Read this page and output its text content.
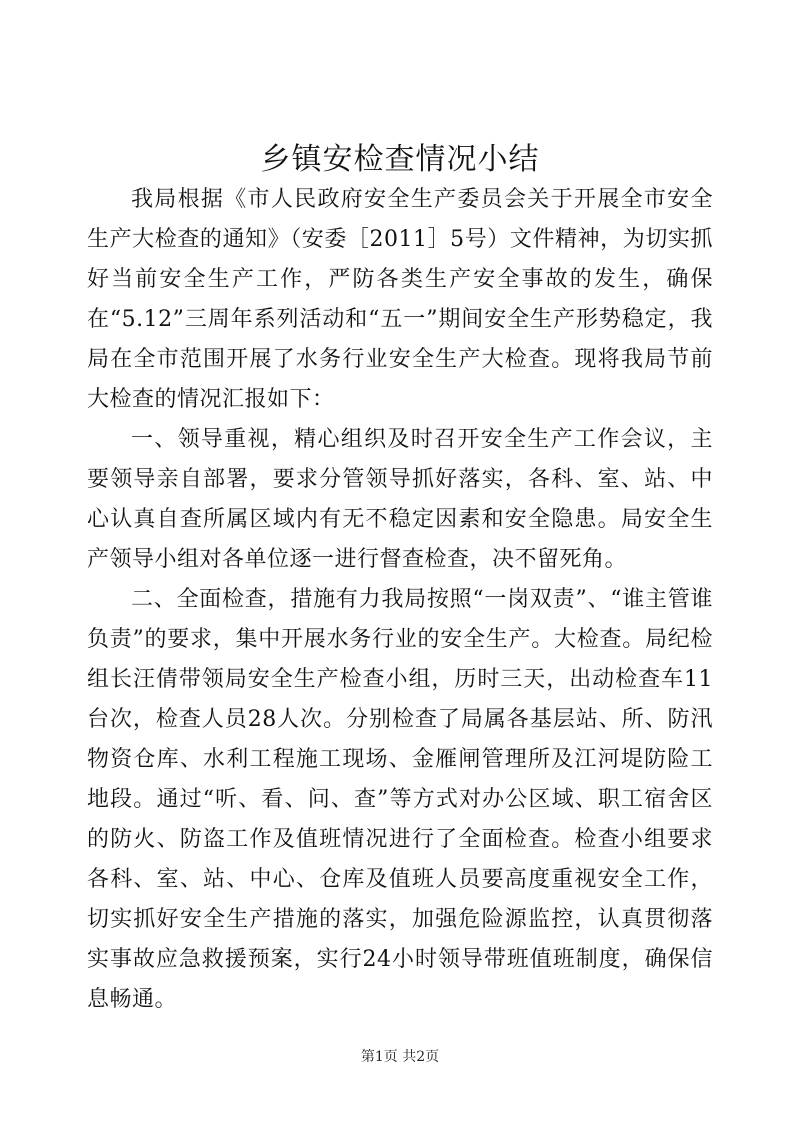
乡镇安检查情况小结

我局根据《市人民政府安全生产委员会关于开展全市安全生产大检查的通知》（安委［2011］5号）文件精神，为切实抓好当前安全生产工作，严防各类生产安全事故的发生，确保在“5.12”三周年系列活动和“五一”期间安全生产形势稳定，我局在全市范围开展了水务行业安全生产大检查。现将我局节前大检查的情况汇报如下：

一、领导重视，精心组织及时召开安全生产工作会议，主要领导亲自部署，要求分管领导抓好落实，各科、室、站、中心认真自查所属区域内有无不稳定因素和安全隐患。局安全生产领导小组对各单位逐一进行督查检查，决不留死角。

二、全面检查，措施有力我局按照“一岗双责”、“谁主管谁负责”的要求，集中开展水务行业的安全生产。大检查。局纪检组长汪倩带领局安全生产检查小组，历时三天，出动检查车11台次，检查人员28人次。分别检查了局属各基层站、所、防汛物资仓库、水利工程施工现场、金雁闸管理所及江河堤防险工地段。通过“听、看、问、查”等方式对办公区域、职工宿舍区的防火、防盗工作及值班情况进行了全面检查。检查小组要求各科、室、站、中心、仓库及值班人员要高度重视安全工作，切实抓好安全生产措施的落实，加强危险源监控，认真贯彻落实事故应急救援预案，实行24小时领导带班值班制度，确保信息畅通。

第1页 共2页
